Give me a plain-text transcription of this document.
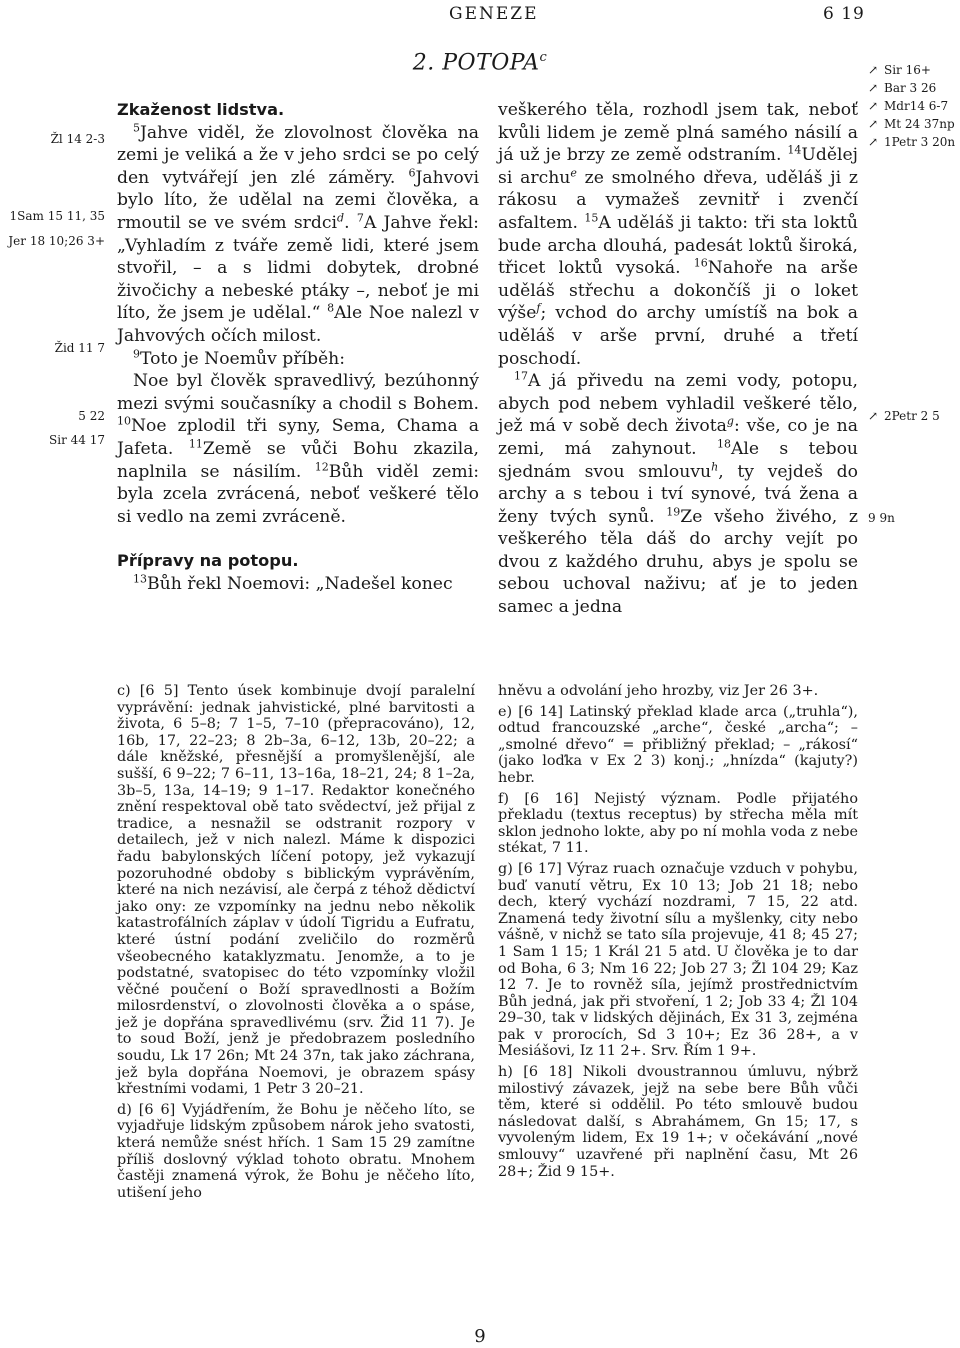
GENEZE	6 19
2. POTOPA$^c$
Žl 14 2-3
1Sam 15 11, 35
Jer 18 10;26 3+
Žid 11 7
5 22
Sir 44 17
↗ Sir 16+
↗ Bar 3 26
↗ Mdr14 6-7
↗ Mt 24 37np
↗ 1Petr 3 20n
↗ 2Petr 2 5
9 9n

Zkaženost lidstva.

$^5$Jahve viděl, že zlovolnost člověka na zemi je veliká a že v jeho srdci se po celý den vytvářejí jen zlé záměry. $^6$Jahvovi bylo líto, že udělal na zemi člověka, a rmoutil se ve svém srdci$^d$. $^7$A Jahve řekl: „Vyhladím z tváře země lidi, které jsem stvořil, – a s lidmi dobytek, drobné živočichy a nebeské ptáky –, neboť je mi líto, že jsem je udělal.“ $^8$Ale Noe nalezl v Jahvových očích milost.

$^9$Toto je Noemův příběh:

Noe byl člověk spravedlivý, bezúhonný mezi svými současníky a chodil s Bohem. $^{10}$Noe zplodil tři syny, Sema, Chama a Jafeta. $^{11}$Země se vůči Bohu zkazila, naplnila se násilím. $^{12}$Bůh viděl zemi: byla zcela zvrácená, neboť veškeré tělo si vedlo na zemi zvráceně.

Přípravy na potopu.

$^{13}$Bůh řekl Noemovi: „Nadešel konec

veškerého těla, rozhodl jsem tak, neboť kvůli lidem je země plná samého násilí a já už je brzy ze země odstraním. $^{14}$Udělej si archu$^e$ ze smolného dřeva, uděláš ji z rákosu a vymažeš zevnitř i zvenčí asfaltem. $^{15}$A uděláš ji takto: tři sta loktů bude archa dlouhá, padesát loktů široká, třicet loktů vysoká. $^{16}$Nahoře na arše uděláš střechu a dokončíš ji o loket výše$^f$; vchod do archy umístíš na bok a uděláš v arše první, druhé a třetí poschodí.

$^{17}$A já přivedu na zemi vody, potopu, abych pod nebem vyhladil veškeré tělo, jež má v sobě dech života$^g$: vše, co je na zemi, má zahynout. $^{18}$Ale s tebou sjednám svou smlouvu$^h$, ty vejdeš do archy a s tebou i tví synové, tvá žena a ženy tvých synů. $^{19}$Ze všeho živého, z veškerého těla dáš do archy vejít po dvou z každého druhu, abys je spolu se sebou uchoval naživu; ať je to jeden samec a jedna

c) [6 5] Tento úsek kombinuje dvojí paralelní vyprávění: jednak jahvistické, plné barvitosti a života, 6 5–8; 7 1–5, 7–10 (přepracováno), 12, 16b, 17, 22–23; 8 2b–3a, 6–12, 13b, 20–22; a dále kněžské, přesnější a promyšlenější, ale sušší, 6 9–22; 7 6–11, 13–16a, 18–21, 24; 8 1–2a, 3b–5, 13a, 14–19; 9 1–17. Redaktor konečného znění respektoval obě tato svědectví, jež přijal z tradice, a nesnažil se odstranit rozpory v detailech, jež v nich nalezl. Máme k dispozici řadu babylonských líčení potopy, jež vykazují pozoruhodné obdoby s biblickým vyprávěním, které na nich nezávisí, ale čerpá z téhož dědictví jako ony: ze vzpomínky na jednu nebo několik katastrofálních záplav v údolí Tigridu a Eufratu, které ústní podání zveličilo do rozměrů všeobecného kataklyzmatu. Jenomže, a to je podstatné, svatopisec do této vzpomínky vložil věčné poučení o Boží spravedlnosti a Božím milosrdenství, o zlovolnosti člověka a o spáse, jež je dopřána spravedlivému (srv. Žid 11 7). Je to soud Boží, jenž je předobrazem posledního soudu, Lk 17 26n; Mt 24 37n, tak jako záchrana, jež byla dopřána Noemovi, je obrazem spásy křestními vodami, 1 Petr 3 20–21.

d) [6 6] Vyjádřením, že Bohu je něčeho líto, se vyjadřuje lidským způsobem nárok jeho svatosti, která nemůže snést hřích. 1 Sam 15 29 zamítne příliš doslovný výklad tohoto obratu. Mnohem častěji znamená výrok, že Bohu je něčeho líto, utišení jeho

hněvu a odvolání jeho hrozby, viz Jer 26 3+.

e) [6 14] Latinský překlad klade arca („truhla“), odtud francouzské „arche“, české „archa“; – „smolné dřevo“ = přibližný překlad; – „rákosí“ (jako loďka v Ex 2 3) konj.; „hnízda“ (kajuty?) hebr.

f) [6 16] Nejistý význam. Podle přijatého překladu (textus receptus) by střecha měla mít sklon jednoho lokte, aby po ní mohla voda z nebe stékat, 7 11.

g) [6 17] Výraz ruach označuje vzduch v pohybu, buď vanutí větru, Ex 10 13; Job 21 18; nebo dech, který vychází nozdrami, 7 15, 22 atd. Znamená tedy životní sílu a myšlenky, city nebo vášně, v nichž se tato síla projevuje, 41 8; 45 27; 1 Sam 1 15; 1 Král 21 5 atd. U člověka je to dar od Boha, 6 3; Nm 16 22; Job 27 3; Žl 104 29; Kaz 12 7. Je to rovněž síla, jejímž prostřednictvím Bůh jedná, jak při stvoření, 1 2; Job 33 4; Žl 104 29–30, tak v lidských dějinách, Ex 31 3, zejména pak v prorocích, Sd 3 10+; Ez 36 28+, a v Mesiášovi, Iz 11 2+. Srv. Řím 1 9+.

h) [6 18] Nikoli dvoustrannou úmluvu, nýbrž milostivý závazek, jejž na sebe bere Bůh vůči těm, které si oddělil. Po této smlouvě budou následovat další, s Abrahámem, Gn 15; 17, s vyvoleným lidem, Ex 19 1+; v očekávání „nové smlouvy“ uzavřené při naplnění času, Mt 26 28+; Žid 9 15+.

9
